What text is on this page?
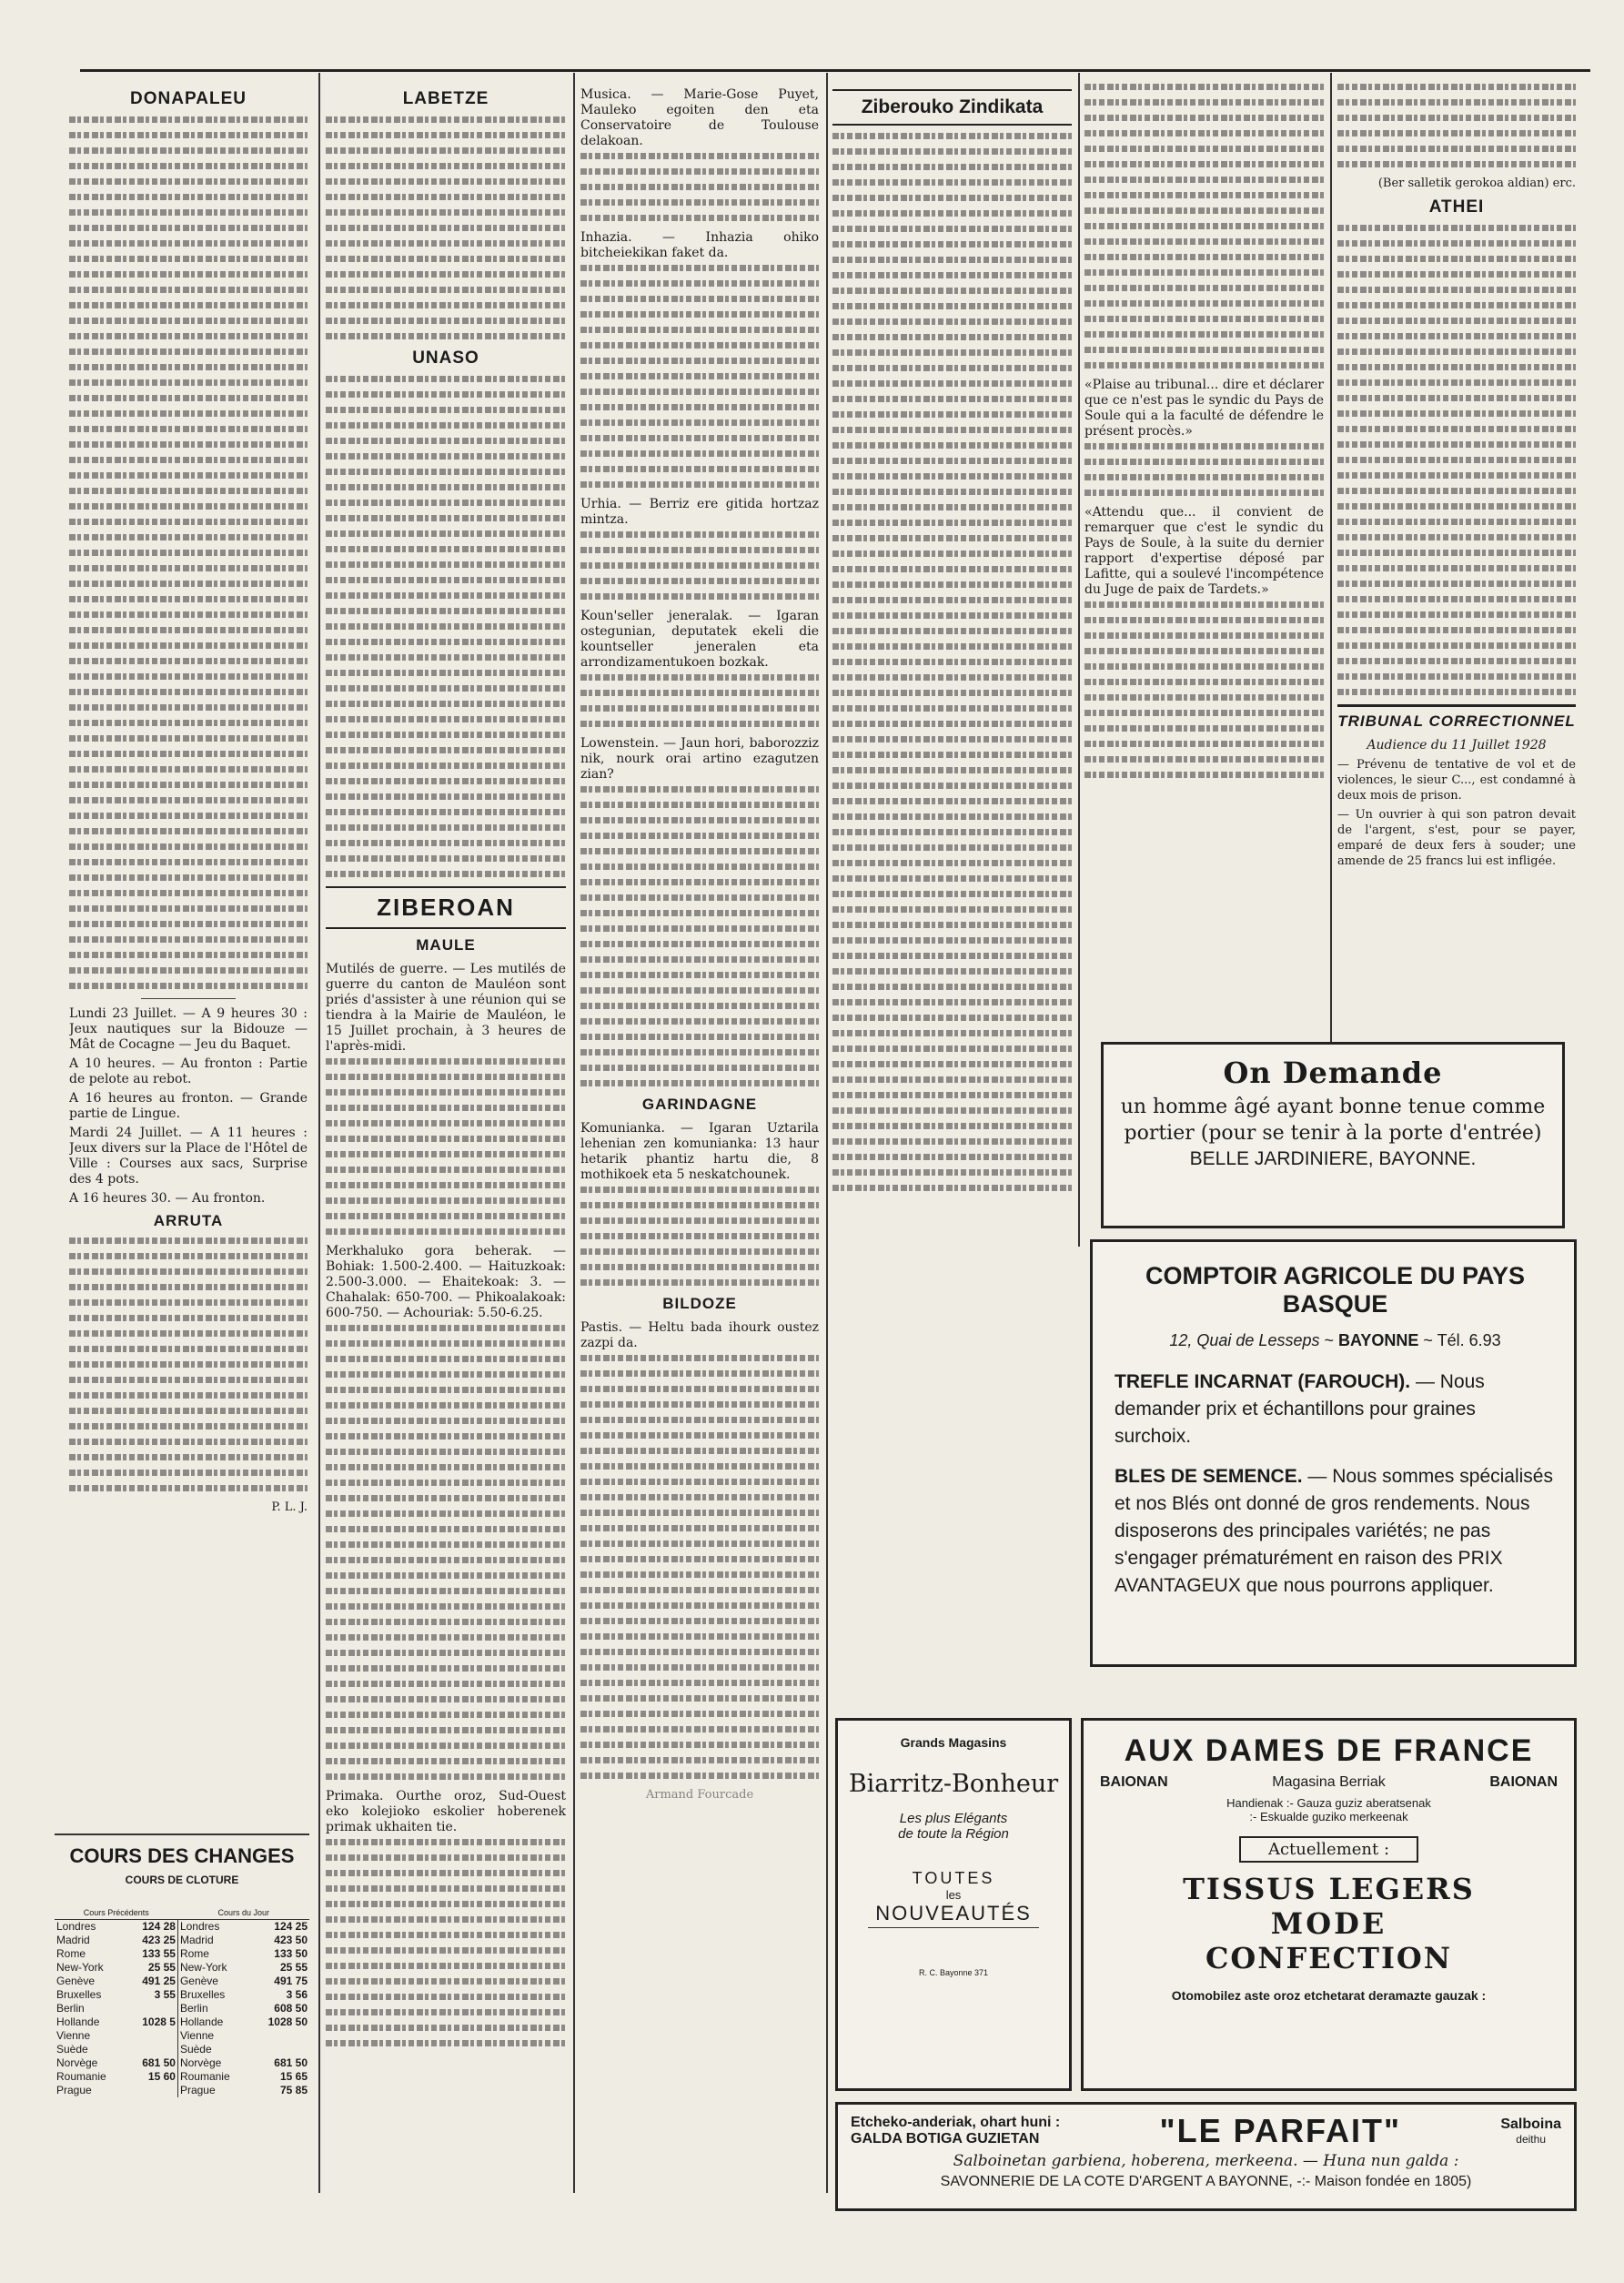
DONAPALEU
Lundi 23 Juillet. — A 9 heures 30 : Jeux nautiques sur la Bidouze — Mât de Cocagne — Jeu du Baquet.
A 10 heures. — Au fronton : Partie de pelote au rebot.
A 16 heures au fronton. — Grande partie de Lingue.
Mardi 24 Juillet. — A 11 heures : Jeux divers sur la Place de l'Hôtel de Ville : Courses aux sacs, Surprise des 4 pots.
A 16 heures 30. — Au fronton.
ARRUTA
P. L. J.
COURS DES CHANGES
COURS DE CLOTURE
Cours Précédents		Cours du Jour	
Londres	124 28	Londres	124 25
Madrid	423 25	Madrid	423 50
Rome	133 55	Rome	133 50
New-York	25 55	New-York	25 55
Genève	491 25	Genève	491 75
Bruxelles	3 55	Bruxelles	3 56
Berlin		Berlin	608 50
Hollande	1028 5	Hollande	1028 50
Vienne		Vienne	
Suède		Suède	
Norvège	681 50	Norvège	681 50
Roumanie	15 60	Roumanie	15 65
Prague		Prague	75 85
LABETZE
UNASO
ZIBEROAN
MAULE
Mutilés de guerre. — Les mutilés de guerre du canton de Mauléon sont priés d'assister à une réunion qui se tiendra à la Mairie de Mauléon, le 15 Juillet prochain, à 3 heures de l'après-midi.
Merkhaluko gora beherak. — Bohiak: 1.500-2.400. — Haituzkoak: 2.500-3.000. — Ehaitekoak: 3. — Chahalak: 650-700. — Phikoalakoak: 600-750. — Achouriak: 5.50-6.25.
Primaka. Ourthe oroz, Sud-Ouest eko kolejioko eskolier hoberenek primak ukhaiten tie.
Musica. — Marie-Gose Puyet, Mauleko egoiten den eta Conservatoire de Toulouse delakoan.
Inhazia. — Inhazia ohiko bitcheiekikan faket da.
Urhia. — Berriz ere gitida hortzaz mintza.
Koun'seller jeneralak. — Igaran ostegunian, deputatek ekeli die kountseller jeneralen eta arrondizamentukoen bozkak.
Lowenstein. — Jaun hori, baborozziz nik, nourk orai artino ezagutzen zian?
GARINDAGNE
Komunianka. — Igaran Uztarila lehenian zen komunianka: 13 haur hetarik phantiz hartu die, 8 mothikoek eta 5 neskatchounek.
BILDOZE
Pastis. — Heltu bada ihourk oustez zazpi da.
Armand Fourcade
Ziberouko Zindikata
«Plaise au tribunal... dire et déclarer que ce n'est pas le syndic du Pays de Soule qui a la faculté de défendre le présent procès.»
«Attendu que... il convient de remarquer que c'est le syndic du Pays de Soule, à la suite du dernier rapport d'expertise déposé par Lafitte, qui a soulevé l'incompétence du Juge de paix de Tardets.»
(Ber salletik gerokoa aldian) erc.
ATHEI
TRIBUNAL CORRECTIONNEL
Audience du 11 Juillet 1928
— Prévenu de tentative de vol et de violences, le sieur C..., est condamné à deux mois de prison.
— Un ouvrier à qui son patron devait de l'argent, s'est, pour se payer, emparé de deux fers à souder; une amende de 25 francs lui est infligée.
On Demande
un homme âgé ayant bonne tenue comme
portier (pour se tenir à la porte d'entrée)
BELLE JARDINIERE, BAYONNE.
COMPTOIR AGRICOLE DU PAYS BASQUE
12, Quai de Lesseps ~ BAYONNE ~ Tél. 6.93
TREFLE INCARNAT (FAROUCH). — Nous demander prix et échantillons pour graines surchoix.
BLES DE SEMENCE. — Nous sommes spécialisés et nos Blés ont donné de gros rendements. Nous disposerons des principales variétés; ne pas s'engager prématurément en raison des PRIX AVANTAGEUX que nous pourrons appliquer.
Grands Magasins
Biarritz-Bonheur
Les plus Elégants
de toute la Région
TOUTES
les
NOUVEAUTÉS
R. C. Bayonne 371
AUX DAMES DE FRANCE
BAIONAN	Magasina Berriak	BAIONAN
Handienak :- Gauza guziz aberatsenak
:- Eskualde guziko merkeenak
Actuellement :
TISSUS LEGERS
MODE
CONFECTION
Otomobilez aste oroz etchetarat deramazte gauzak :
Etcheko-anderiak, ohart huni :
GALDA BOTIGA GUZIETAN	"LE PARFAIT"	Salboina
deithu
Salboinetan garbiena, hoberena, merkeena. — Huna nun galda :
SAVONNERIE DE LA COTE D'ARGENT A BAYONNE, -:- Maison fondée en 1805)
